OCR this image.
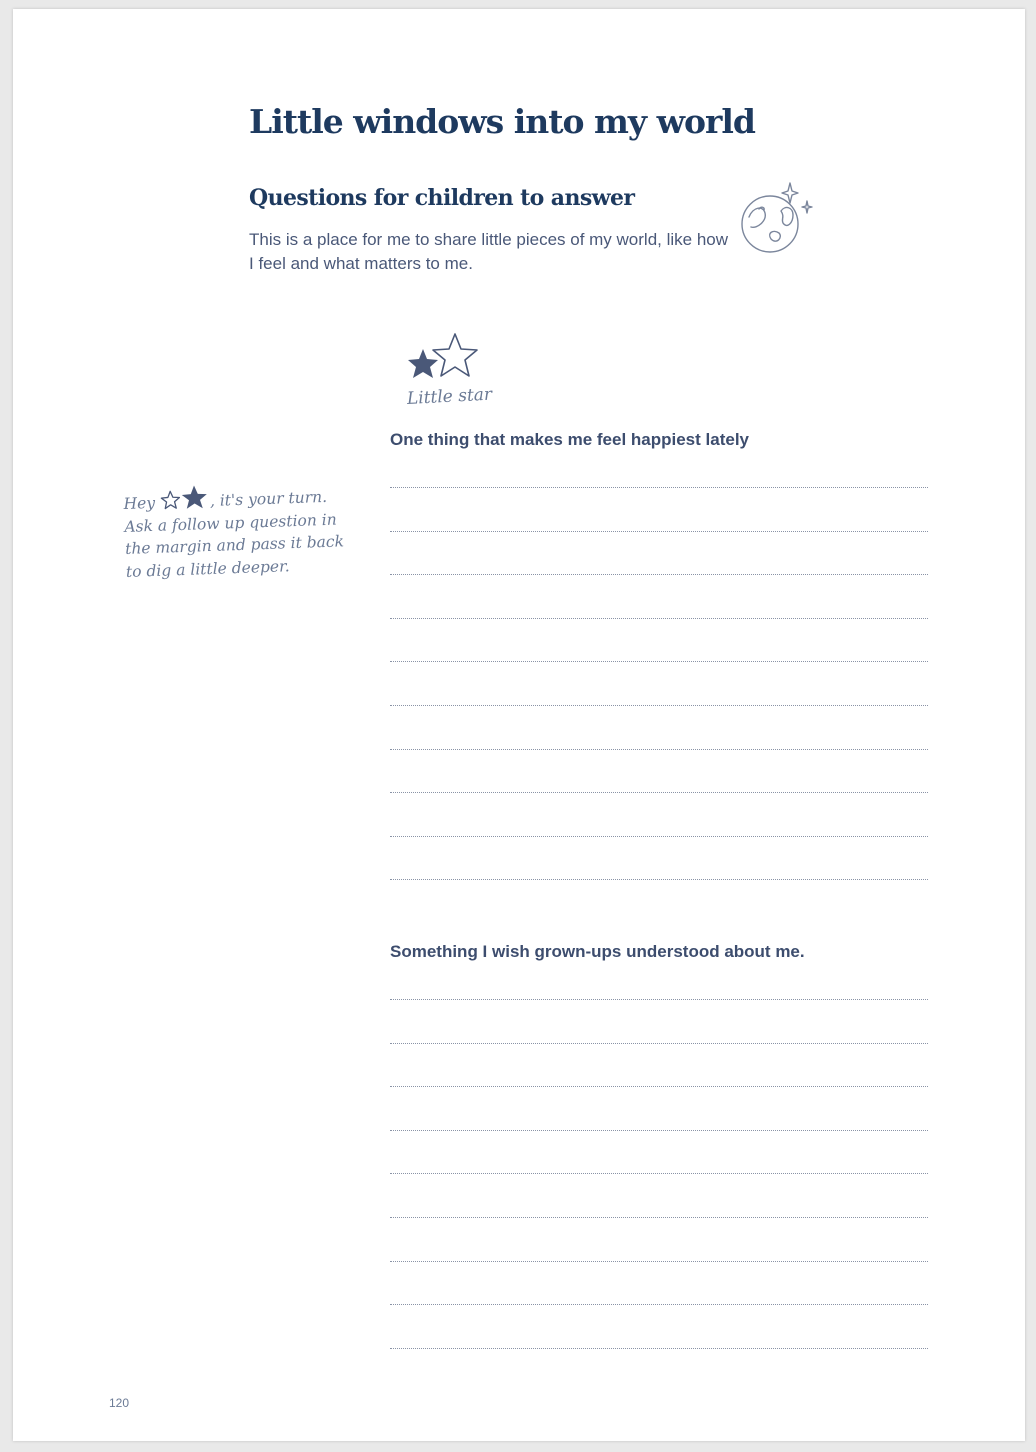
Little windows into my world
Questions for children to answer

This is a place for me to share little pieces of my world, like how I feel and what matters to me.

Little star
Hey	, it's your turn. Ask a follow up question in the margin and pass it back to dig a little deeper.
One thing that makes me feel happiest lately
Something I wish grown-ups understood about me.
120
